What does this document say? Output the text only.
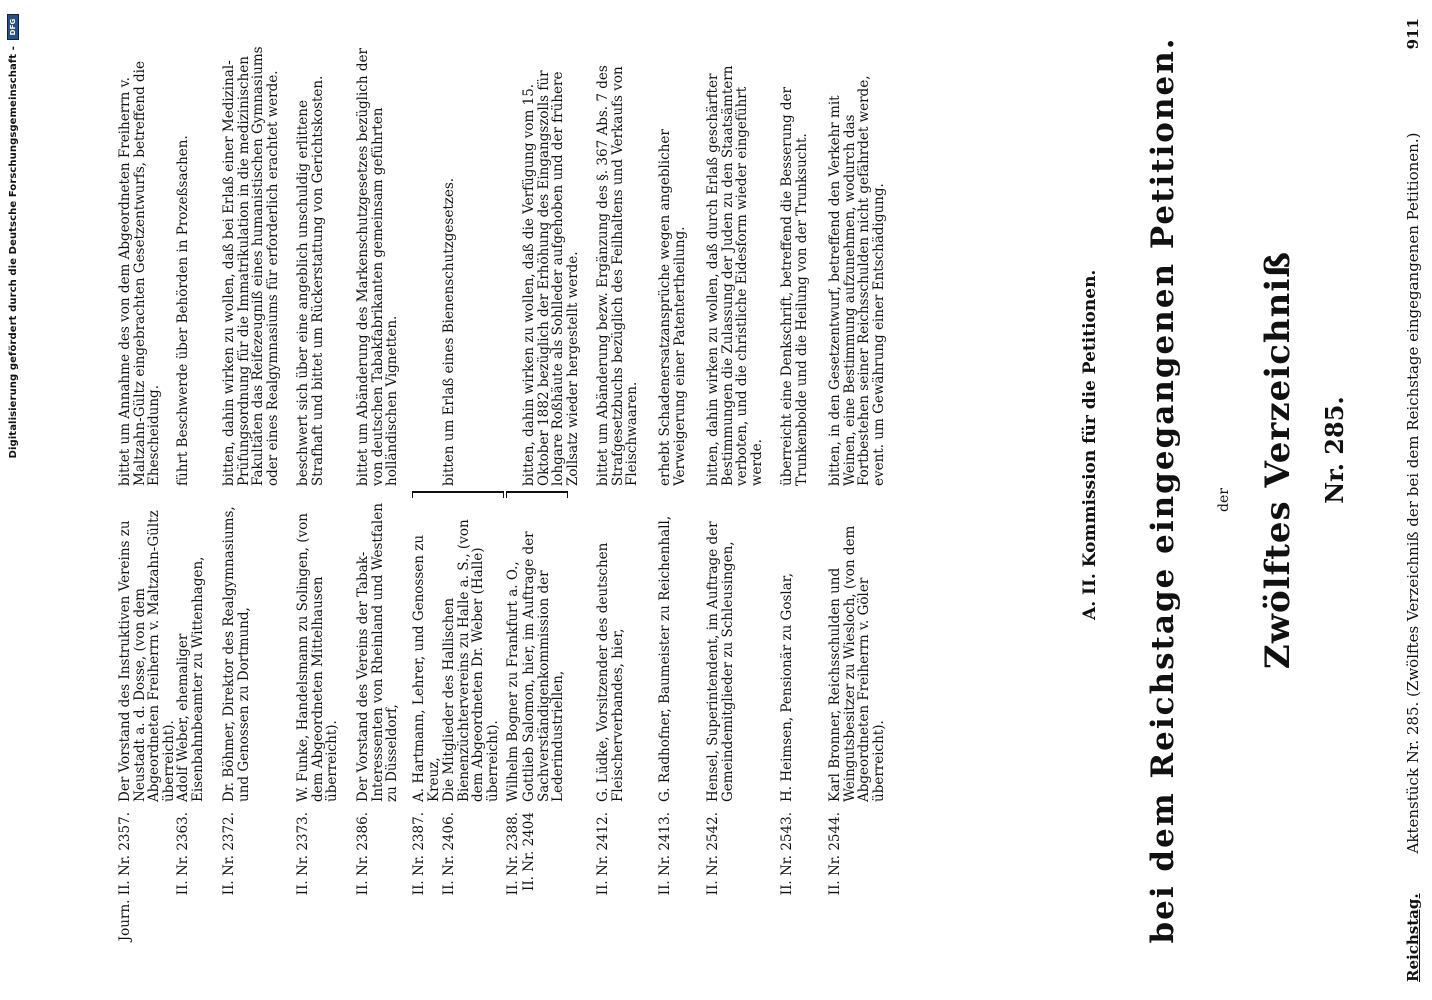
Digitalisierung gefördert durch die Deutsche Forschungsgemeinschaft -
DFG
Reichstag.
Aktenstück Nr. 285. (Zwölftes Verzeichniß der bei dem Reichstage eingegangenen Petitionen.)
911
Nr. 285.
Zwölftes Verzeichniß
der
bei dem Reichstage eingegangenen Petitionen.
A. II. Kommission für die Petitionen.
Journ. II. Nr. 2357.
Der Vorstand des Instruktiven Vereins zu Neustadt a. d. Dosse, (von dem Abgeordneten Freiherrn v. Maltzahn-Gültz überreicht).
bittet um Annahme des von dem Abgeordneten Freiherrn v. Maltzahn-Gültz eingebrachten Gesetzentwurfs, betreffend die Ehescheidung.
II. Nr. 2363.
Adolf Weber, ehemaliger Eisenbahnbeamter zu Wittenhagen,
führt Beschwerde über Behörden in Prozeßsachen.
II. Nr. 2372.
Dr. Böhmer, Direktor des Realgymnasiums, und Genossen zu Dortmund,
bitten, dahin wirken zu wollen, daß bei Erlaß einer Medizinal-Prüfungsordnung für die Immatrikulation in die medizinischen Fakultäten das Reifezeugniß eines humanistischen Gymnasiums oder eines Realgymnasiums für erforderlich erachtet werde.
II. Nr. 2373.
W. Funke, Handelsmann zu Solingen, (von dem Abgeordneten Mittelhausen überreicht).
beschwert sich über eine angeblich unschuldig erlittene Strafhaft und bittet um Rückerstattung von Gerichtskosten.
II. Nr. 2386.
Der Vorstand des Vereins der Tabak-Interessenten von Rheinland und Westfalen zu Düsseldorf,
bittet um Abänderung des Markenschutzgesetzes bezüglich der von deutschen Tabakfabrikanten gemeinsam geführten holländischen Vignetten.
II. Nr. 2387.
A. Hartmann, Lehrer, und Genossen zu Kreuz,
II. Nr. 2406.
Die Mitglieder des Hallischen Bienenzüchtervereins zu Halle a. S., (von dem Abgeordneten Dr. Weber (Halle) überreicht).
bitten um Erlaß eines Bienenschutzgesetzes.
II. Nr. 2388.
Wilhelm Bogner zu Frankfurt a. O.,
II. Nr. 2404
Gottlieb Salomon, hier, im Auftrage der Sachverständigenkommission der Lederindustriellen,
bitten, dahin wirken zu wollen, daß die Verfügung vom 15. Oktober 1882 bezüglich der Erhöhung des Eingangszolls für lohgare Roßhäute als Sohlleder aufgehoben und der frühere Zollsatz wieder hergestellt werde.
II. Nr. 2412.
G. Lüdke, Vorsitzender des deutschen Fleischerverbandes, hier,
bittet um Abänderung bezw. Ergänzung des §. 367 Abs. 7 des Strafgesetzbuchs bezüglich des Feilhaltens und Verkaufs von Fleischwaaren.
II. Nr. 2413.
G. Radhofner, Baumeister zu Reichenhall,
erhebt Schadenersatzansprüche wegen angeblicher Verweigerung einer Patentertheilung.
II. Nr. 2542.
Hensel, Superintendent, im Auftrage der Gemeindemitglieder zu Schleusingen,
bitten, dahin wirken zu wollen, daß durch Erlaß geschärfter Bestimmungen die Zulassung der Juden zu den Staatsämtern verboten, und die christliche Eidesform wieder eingeführt werde.
II. Nr. 2543.
H. Heimsen, Pensionär zu Goslar,
überreicht eine Denkschrift, betreffend die Besserung der Trunkenbolde und die Heilung von der Trunksucht.
II. Nr. 2544.
Karl Bronner, Reichsschulden und Weingutsbesitzer zu Wiesloch, (von dem Abgeordneten Freiherrn v. Göler überreicht).
bitten, in den Gesetzentwurf, betreffend den Verkehr mit Weinen, eine Bestimmung aufzunehmen, wodurch das Fortbestehen seiner Reichsschulden nicht gefährdet werde, event. um Gewährung einer Entschädigung.
